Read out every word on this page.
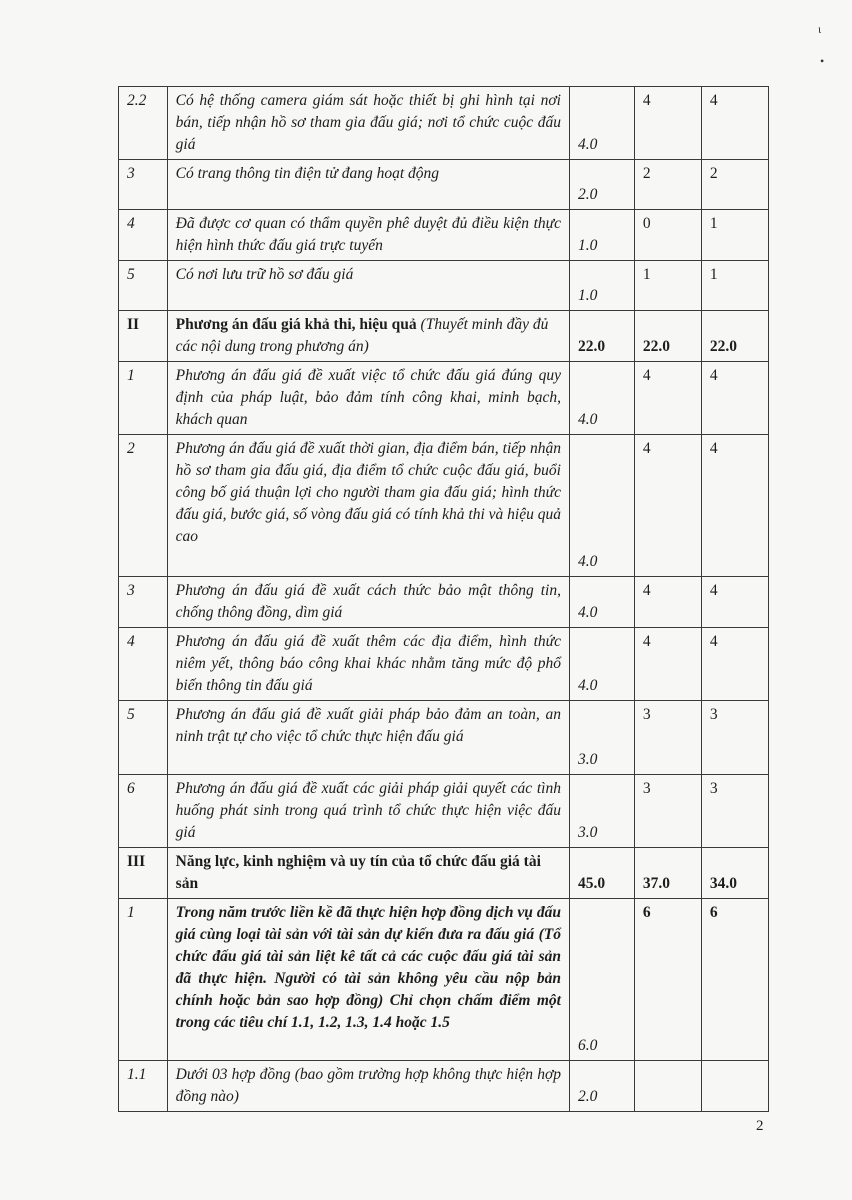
2.2	Có hệ thống camera giám sát hoặc thiết bị ghi hình tại nơi bán, tiếp nhận hồ sơ tham gia đấu giá; nơi tổ chức cuộc đấu giá	4.0	4	4
3	Có trang thông tin điện tử đang hoạt động	2.0	2	2
4	Đã được cơ quan có thẩm quyền phê duyệt đủ điều kiện thực hiện hình thức đấu giá trực tuyến	1.0	0	1
5	Có nơi lưu trữ hồ sơ đấu giá	1.0	1	1
II	Phương án đấu giá khả thi, hiệu quả (Thuyết minh đầy đủ các nội dung trong phương án)	22.0	22.0	22.0
1	Phương án đấu giá đề xuất việc tổ chức đấu giá đúng quy định của pháp luật, bảo đảm tính công khai, minh bạch, khách quan	4.0	4	4
2	Phương án đấu giá đề xuất thời gian, địa điểm bán, tiếp nhận hồ sơ tham gia đấu giá, địa điểm tổ chức cuộc đấu giá, buổi công bố giá thuận lợi cho người tham gia đấu giá; hình thức đấu giá, bước giá, số vòng đấu giá có tính khả thi và hiệu quả cao	4.0	4	4
3	Phương án đấu giá đề xuất cách thức bảo mật thông tin, chống thông đồng, dìm giá	4.0	4	4
4	Phương án đấu giá đề xuất thêm các địa điểm, hình thức niêm yết, thông báo công khai khác nhằm tăng mức độ phổ biến thông tin đấu giá	4.0	4	4
5	Phương án đấu giá đề xuất giải pháp bảo đảm an toàn, an ninh trật tự cho việc tổ chức thực hiện đấu giá	3.0	3	3
6	Phương án đấu giá đề xuất các giải pháp giải quyết các tình huống phát sinh trong quá trình tổ chức thực hiện việc đấu giá	3.0	3	3
III	Năng lực, kinh nghiệm và uy tín của tổ chức đấu giá tài sản	45.0	37.0	34.0
1	Trong năm trước liền kề đã thực hiện hợp đồng dịch vụ đấu giá cùng loại tài sản với tài sản dự kiến đưa ra đấu giá (Tổ chức đấu giá tài sản liệt kê tất cả các cuộc đấu giá tài sản đã thực hiện. Người có tài sản không yêu cầu nộp bản chính hoặc bản sao hợp đồng) Chỉ chọn chấm điểm một trong các tiêu chí 1.1, 1.2, 1.3, 1.4 hoặc 1.5	6.0	6	6
1.1	Dưới 03 hợp đồng (bao gồm trường hợp không thực hiện hợp đồng nào)	2.0		
2
ι
•
